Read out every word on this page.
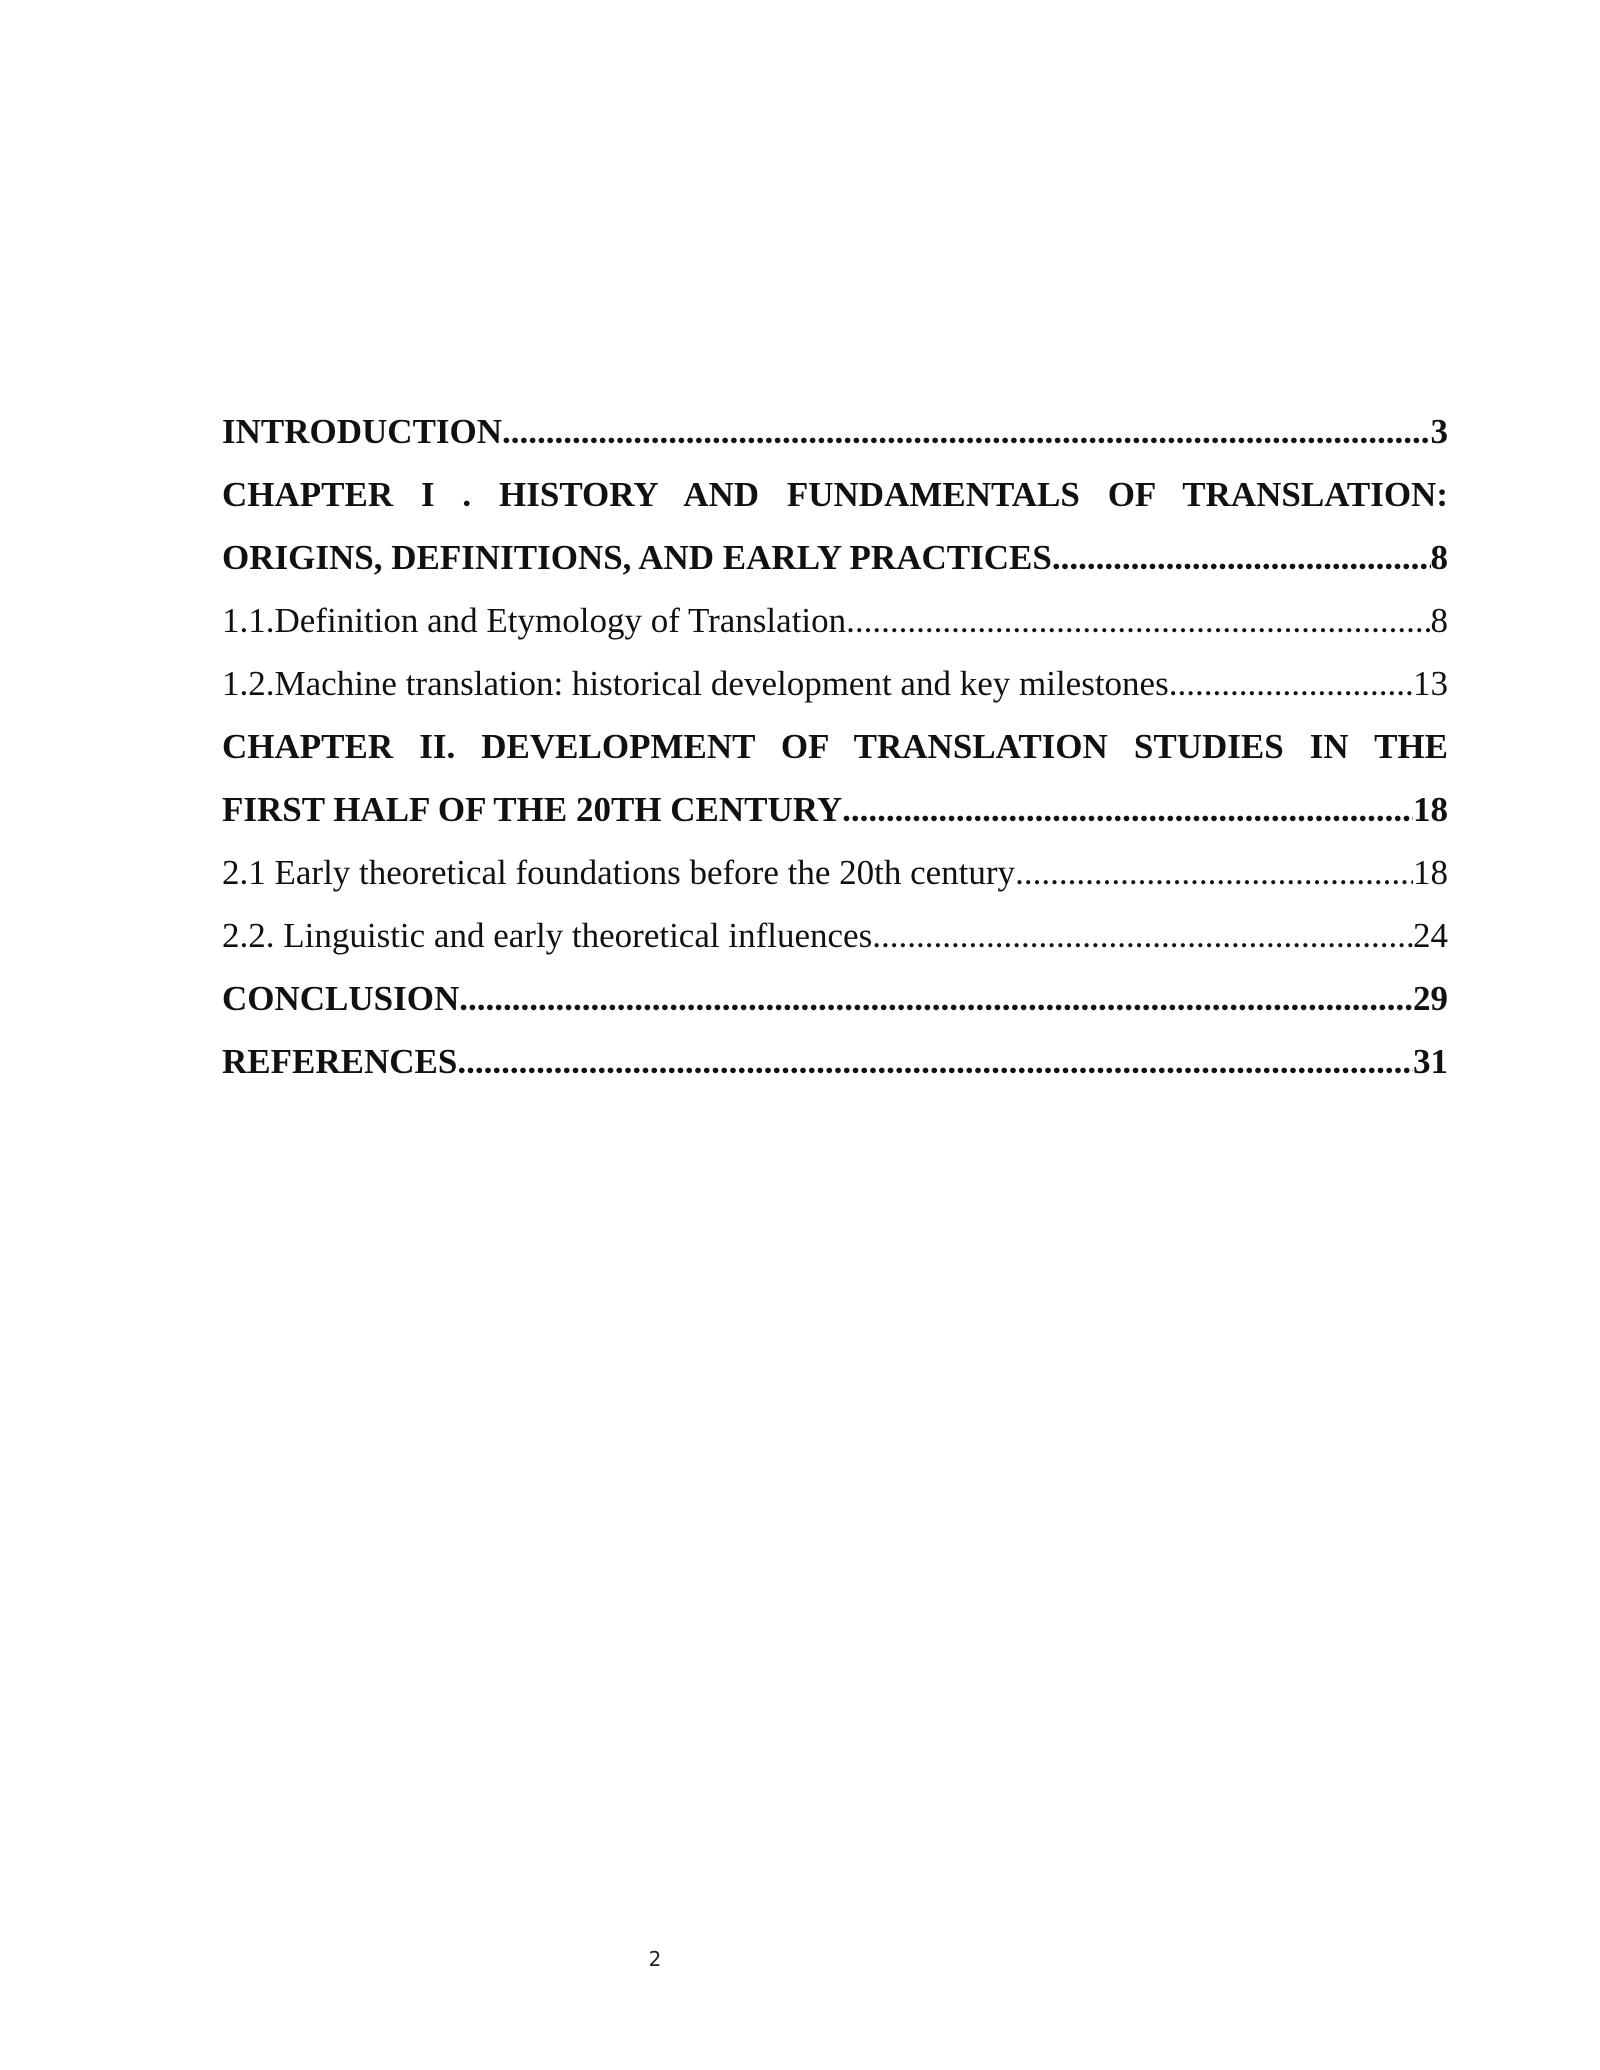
INTRODUCTION .....	3
CHAPTER I . HISTORY AND FUNDAMENTALS OF TRANSLATION:
ORIGINS, DEFINITIONS, AND EARLY PRACTICES .....	8
1.1.Definition and Etymology of Translation .....	8
1.2.Machine translation: historical development and key milestones .....	13
CHAPTER II. DEVELOPMENT OF TRANSLATION STUDIES IN THE
FIRST HALF OF THE 20TH CENTURY .....	18
2.1 Early theoretical foundations before the 20th century .....	18
2.2. Linguistic and early theoretical influences .....	24
CONCLUSION .....	29
REFERENCES .....	31
2
